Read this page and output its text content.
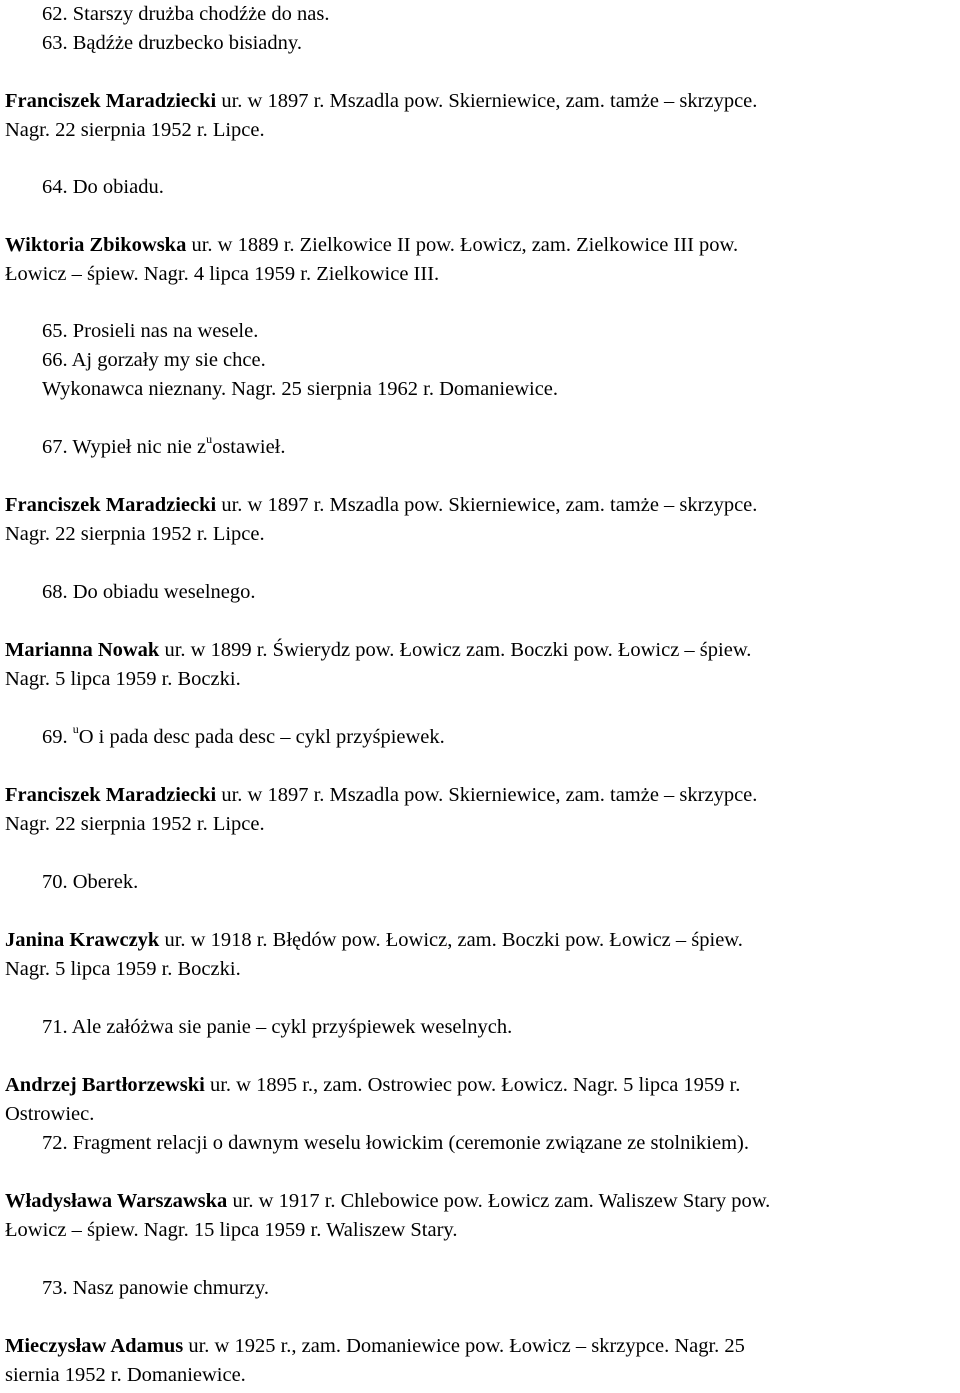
62. Starszy drużba chodźże do nas.
63. Bądźże druzbecko bisiadny.
Franciszek Maradziecki ur. w 1897 r. Mszadla pow. Skierniewice, zam. tamże – skrzypce.
Nagr. 22 sierpnia 1952 r. Lipce.
64. Do obiadu.
Wiktoria Zbikowska ur. w 1889 r. Zielkowice II pow. Łowicz, zam. Zielkowice III pow.
Łowicz – śpiew. Nagr. 4 lipca 1959 r. Zielkowice III.
65. Prosieli nas na wesele.
66. Aj gorzały my sie chce.
Wykonawca nieznany. Nagr. 25 sierpnia 1962 r. Domaniewice.
67. Wypieł nic nie $z^uostawieł$.
Franciszek Maradziecki ur. w 1897 r. Mszadla pow. Skierniewice, zam. tamże – skrzypce.
Nagr. 22 sierpnia 1952 r. Lipce.
68. Do obiadu weselnego.
Marianna Nowak ur. w 1899 r. Świerydz pow. Łowicz zam. Boczki pow. Łowicz – śpiew.
Nagr. 5 lipca 1959 r. Boczki.
69. $^u$O i pada desc pada desc – cykl przyśpiewek.
Franciszek Maradziecki ur. w 1897 r. Mszadla pow. Skierniewice, zam. tamże – skrzypce.
Nagr. 22 sierpnia 1952 r. Lipce.
70. Oberek.
Janina Krawczyk ur. w 1918 r. Błędów pow. Łowicz, zam. Boczki pow. Łowicz – śpiew.
Nagr. 5 lipca 1959 r. Boczki.
71. Ale załóżwa sie panie – cykl przyśpiewek weselnych.
Andrzej Bartłorzewski ur. w 1895 r., zam. Ostrowiec pow. Łowicz. Nagr. 5 lipca 1959 r.
Ostrowiec.
72. Fragment relacji o dawnym weselu łowickim (ceremonie związane ze stolnikiem).
Władysława Warszawska ur. w 1917 r. Chlebowice pow. Łowicz zam. Waliszew Stary pow.
Łowicz – śpiew. Nagr. 15 lipca 1959 r. Waliszew Stary.
73. Nasz panowie chmurzy.
Mieczysław Adamus ur. w 1925 r., zam. Domaniewice pow. Łowicz – skrzypce. Nagr. 25
siernia 1952 r. Domaniewice.
